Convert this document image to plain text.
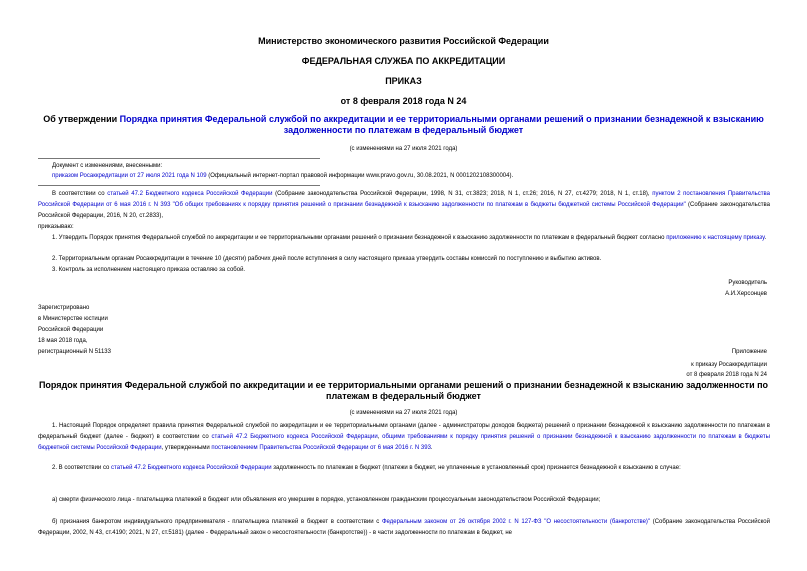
Министерство экономического развития Российской Федерации
ФЕДЕРАЛЬНАЯ СЛУЖБА ПО АККРЕДИТАЦИИ
ПРИКАЗ
от 8 февраля 2018 года N 24
Об утверждении Порядка принятия Федеральной службой по аккредитации и ее территориальными органами решений о признании безнадежной к взысканию задолженности по платежам в федеральный бюджет
(с изменениями на 27 июля 2021 года)
Документ с изменениями, внесенными:
приказом Росаккредитации от 27 июля 2021 года N 109 (Официальный интернет-портал правовой информации www.pravo.gov.ru, 30.08.2021, N 0001202108300004).
В соответствии со статьей 47.2 Бюджетного кодекса Российской Федерации (Собрание законодательства Российской Федерации, 1998, N 31, ст.3823; 2018, N 1, ст.26; 2016, N 27, ст.4279; 2018, N 1, ст.18), пунктом 2 постановления Правительства Российской Федерации от 6 мая 2016 г. N 393 "Об общих требованиях к порядку принятия решений о признании безнадежной к взысканию задолженности по платежам в бюджеты бюджетной системы Российской Федерации" (Собрание законодательства Российской Федерации, 2016, N 20, ст.2833),
приказываю:
1. Утвердить Порядок принятия Федеральной службой по аккредитации и ее территориальными органами решений о признании безнадежной к взысканию задолженности по платежам в федеральный бюджет согласно приложению к настоящему приказу.
2. Территориальным органам Росаккредитации в течение 10 (десяти) рабочих дней после вступления в силу настоящего приказа утвердить составы комиссий по поступлению и выбытию активов.
3. Контроль за исполнением настоящего приказа оставляю за собой.
Руководитель
А.И.Херсонцев
Зарегистрировано
в Министерстве юстиции
Российской Федерации
18 мая 2018 года,
регистрационный N 51133	Приложение
к приказу Росаккредитации
от 8 февраля 2018 года N 24
Порядок принятия Федеральной службой по аккредитации и ее территориальными органами решений о признании безнадежной к взысканию задолженности по платежам в федеральный бюджет
(с изменениями на 27 июля 2021 года)
1. Настоящий Порядок определяет правила принятия Федеральной службой по аккредитации и ее территориальными органами (далее - администраторы доходов бюджета) решений о признании безнадежной к взысканию задолженности по платежам в федеральный бюджет (далее - бюджет) в соответствии со статьей 47.2 Бюджетного кодекса Российской Федерации, общими требованиями к порядку принятия решений о признании безнадежной к взысканию задолженности по платежам в бюджеты бюджетной системы Российской Федерации, утвержденными постановлением Правительства Российской Федерации от 6 мая 2016 г. N 393.
2. В соответствии со статьей 47.2 Бюджетного кодекса Российской Федерации задолженность по платежам в бюджет (платежи в бюджет, не уплаченные в установленный срок) признается безнадежной к взысканию в случае:
а) смерти физического лица - плательщика платежей в бюджет или объявления его умершим в порядке, установленном гражданским процессуальным законодательством Российской Федерации;
б) признания банкротом индивидуального предпринимателя - плательщика платежей в бюджет в соответствии с Федеральным законом от 26 октября 2002 г. N 127-ФЗ "О несостоятельности (банкротстве)" (Собрание законодательства Российской Федерации, 2002, N 43, ст.4190; 2021, N 27, ст.5181) (далее - Федеральный закон о несостоятельности (банкротстве)) - в части задолженности по платежам в бюджет, не
